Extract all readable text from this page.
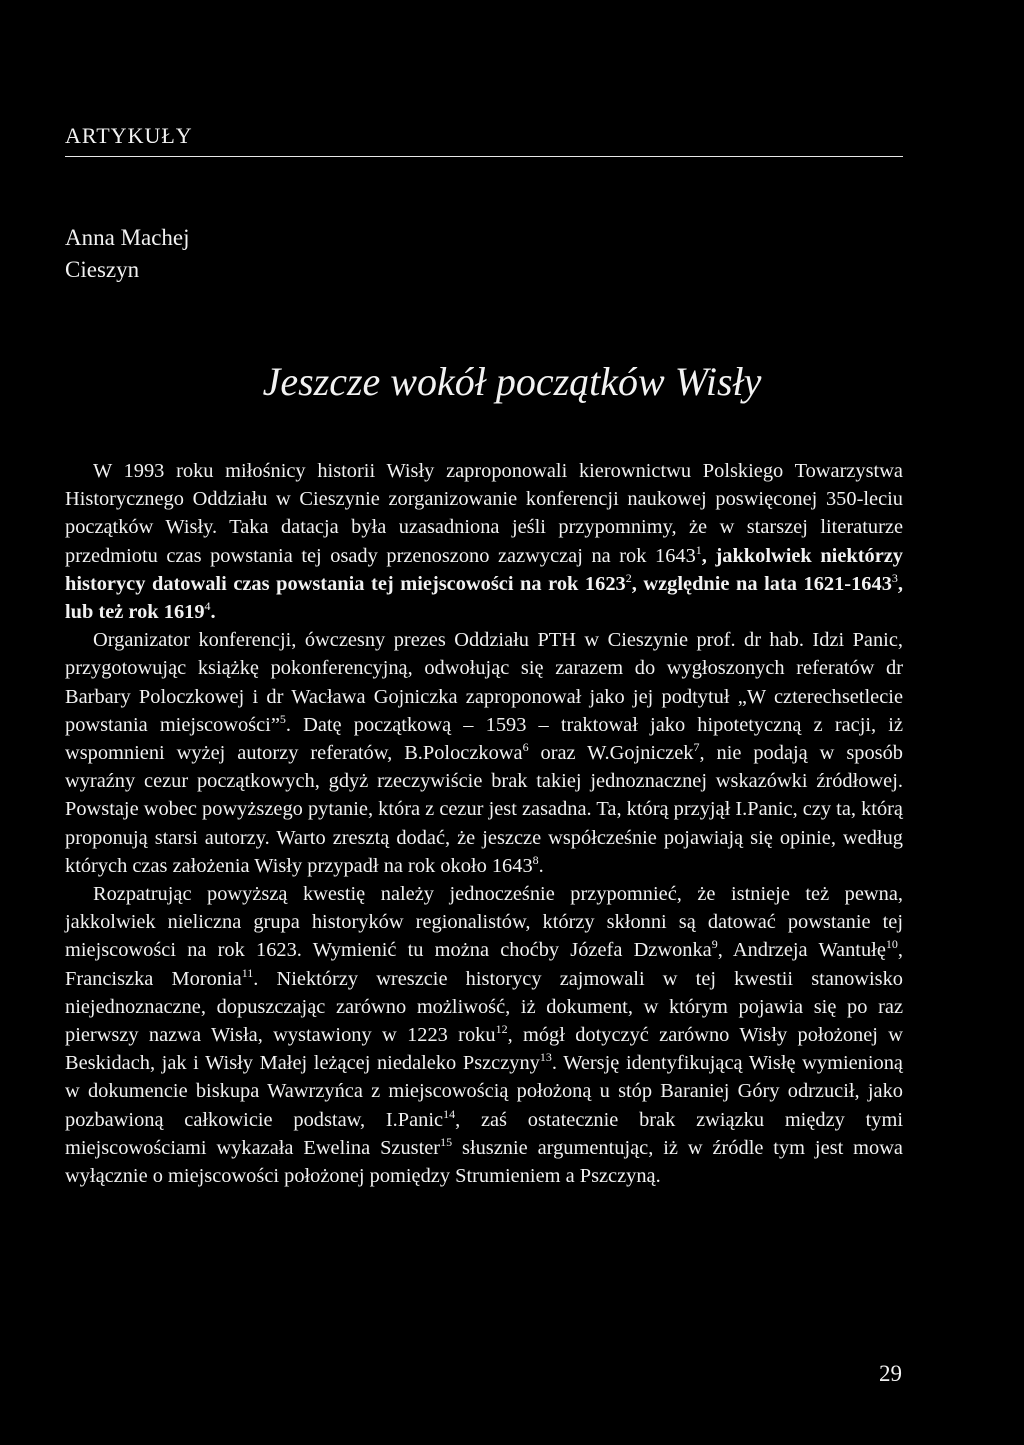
ARTYKUŁY
Anna Machej
Cieszyn
Jeszcze wokół początków Wisły

W 1993 roku miłośnicy historii Wisły zaproponowali kierownictwu Polskiego Towarzystwa Historycznego Oddziału w Cieszynie zorganizowanie konferencji naukowej poswięconej 350-leciu początków Wisły. Taka datacja była uzasadniona jeśli przypomnimy, że w starszej literaturze przedmiotu czas powstania tej osady przenoszono zazwyczaj na rok 1643$^1$, jakkolwiek niektórzy historycy datowali czas powstania tej miejscowości na rok 1623$^2$, względnie na lata 1621-1643$^3$, lub też rok 1619$^4$.

Organizator konferencji, ówczesny prezes Oddziału PTH w Cieszynie prof. dr hab. Idzi Panic, przygotowując książkę pokonferencyjną, odwołując się zarazem do wygłoszonych referatów dr Barbary Poloczkowej i dr Wacława Gojniczka zaproponował jako jej podtytuł „W czterechsetlecie powstania miejscowości”$^5$. Datę początkową – 1593 – traktował jako hipotetyczną z racji, iż wspomnieni wyżej autorzy referatów, B.Poloczkowa$^6$ oraz W.Gojniczek$^7$, nie podają w sposób wyraźny cezur początkowych, gdyż rzeczywiście brak takiej jednoznacznej wskazówki źródłowej. Powstaje wobec powyższego pytanie, która z cezur jest zasadna. Ta, którą przyjął I.Panic, czy ta, którą proponują starsi autorzy. Warto zresztą dodać, że jeszcze współcześnie pojawiają się opinie, według których czas założenia Wisły przypadł na rok około 1643$^8$.

Rozpatrując powyższą kwestię należy jednocześnie przypomnieć, że istnieje też pewna, jakkolwiek nieliczna grupa historyków regionalistów, którzy skłonni są datować powstanie tej miejscowości na rok 1623. Wymienić tu można choćby Józefa Dzwonka$^9$, Andrzeja Wantułę$^{10}$, Franciszka Moronia$^{11}$. Niektórzy wreszcie historycy zajmowali w tej kwestii stanowisko niejednoznaczne, dopuszczając zarówno możliwość, iż dokument, w którym pojawia się po raz pierwszy nazwa Wisła, wystawiony w 1223 roku$^{12}$, mógł dotyczyć zarówno Wisły położonej w Beskidach, jak i Wisły Małej leżącej niedaleko Pszczyny$^{13}$. Wersję identyfikującą Wisłę wymienioną w dokumencie biskupa Wawrzyńca z miejscowością położoną u stóp Baraniej Góry odrzucił, jako pozbawioną całkowicie podstaw, I.Panic$^{14}$, zaś ostatecznie brak związku między tymi miejscowościami wykazała Ewelina Szuster$^{15}$ słusznie argumentując, iż w źródle tym jest mowa wyłącznie o miejscowości położonej pomiędzy Strumieniem a Pszczyną.

29
